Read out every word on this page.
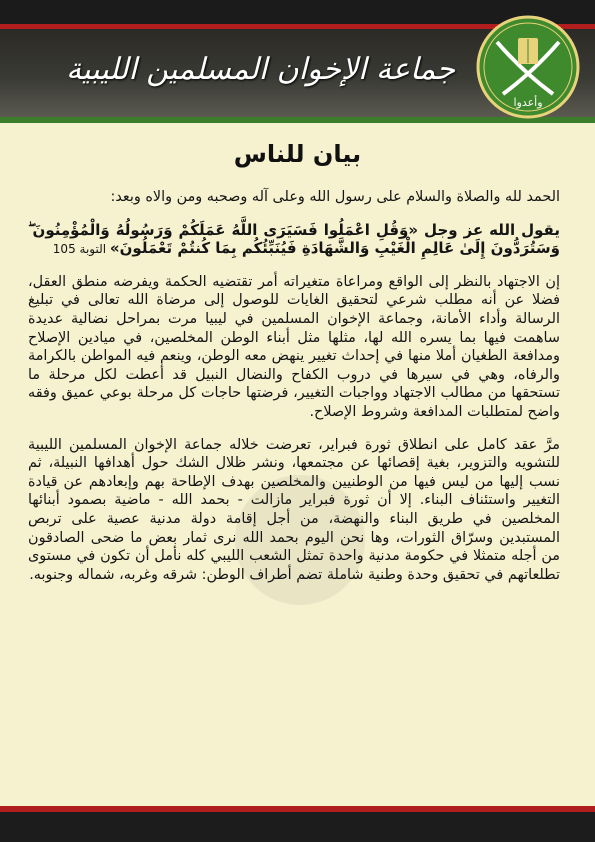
جماعة الإخوان المسلمين الليبية
وأعدوا
بيان للناس

الحمد لله والصلاة والسلام على رسول الله وعلى آله وصحبه ومن والاه وبعد:

يقول الله عز وجل «وَقُلِ اعْمَلُوا فَسَيَرَى اللَّهُ عَمَلَكُمْ وَرَسُولُهُ وَالْمُؤْمِنُونَ ۖ وَسَتُرَدُّونَ إِلَىٰ عَالِمِ الْغَيْبِ وَالشَّهَادَةِ فَيُنَبِّئُكُم بِمَا كُنتُمْ تَعْمَلُونَ» التوبة 105

إن الاجتهاد بالنظر إلى الواقع ومراعاة متغيراته أمر تقتضيه الحكمة ويفرضه منطق العقل، فضلا عن أنه مطلب شرعي لتحقيق الغايات للوصول إلى مرضاة الله تعالى في تبليغ الرسالة وأداء الأمانة، وجماعة الإخوان المسلمين في ليبيا مرت بمراحل نضالية عديدة ساهمت فيها بما يسره الله لها، مثلها مثل أبناء الوطن المخلصين، في ميادين الإصلاح ومدافعة الطغيان أملا منها في إحداث تغيير ينهض معه الوطن، وينعم فيه المواطن بالكرامة والرفاه، وهي في سيرها في دروب الكفاح والنضال النبيل قد أعطت لكل مرحلة ما تستحقها من مطالب الاجتهاد وواجبات التغيير، فرضتها حاجات كل مرحلة بوعي عميق وفقه واضح لمتطلبات المدافعة وشروط الإصلاح.

مرَّ عقد كامل على انطلاق ثورة فبراير، تعرضت خلاله جماعة الإخوان المسلمين الليبية للتشويه والتزوير، بغية إقصائها عن مجتمعها، ونشر ظلال الشك حول أهدافها النبيلة، ثم نسب إليها من ليس فيها من الوطنيين والمخلصين بهدف الإطاحة بهم وإبعادهم عن قيادة التغيير واستئناف البناء. إلا أن ثورة فبراير مازالت - بحمد الله - ماضية بصمود أبنائها المخلصين في طريق البناء والنهضة، من أجل إقامة دولة مدنية عصية على تربص المستبدين وسرّاق الثورات، وها نحن اليوم بحمد الله نرى ثمار بعض ما ضحى الصادقون من أجله متمثلا في حكومة مدنية واحدة تمثل الشعب الليبي كله نأمل أن تكون في مستوى تطلعاتهم في تحقيق وحدة وطنية شاملة تضم أطراف الوطن: شرقه وغربه، شماله وجنوبه.
